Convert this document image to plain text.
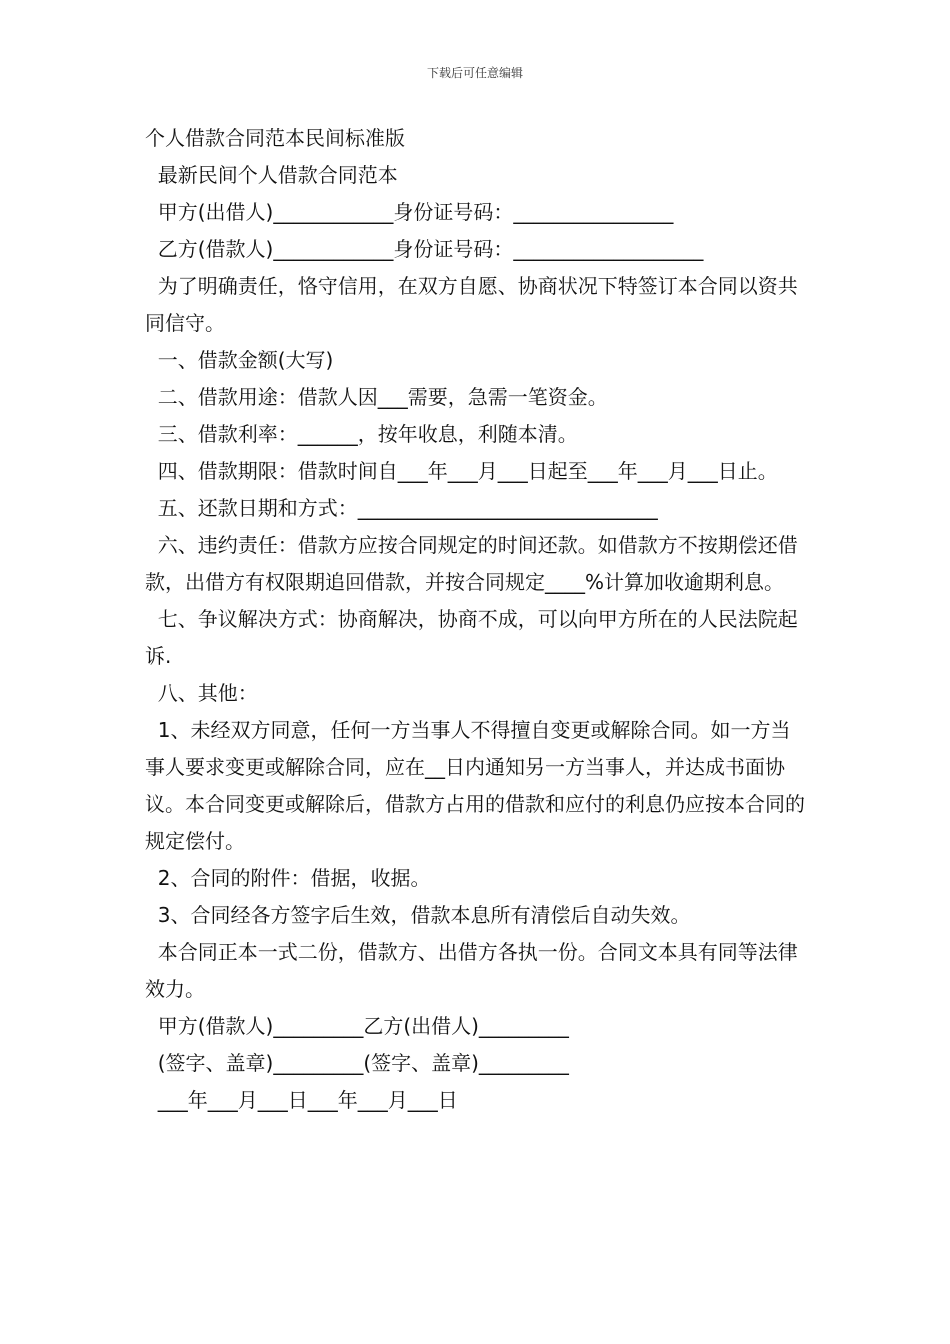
下载后可任意编辑

个人借款合同范本民间标准版

最新民间个人借款合同范本

甲方(出借人)____________身份证号码：________________

乙方(借款人)____________身份证号码：___________________

为了明确责任，恪守信用，在双方自愿、协商状况下特签订本合同以资共同信守。

一、借款金额(大写)

二、借款用途：借款人因___需要，急需一笔资金。

三、借款利率：______，按年收息，利随本清。

四、借款期限：借款时间自___年___月___日起至___年___月___日止。

五、还款日期和方式：______________________________

六、违约责任：借款方应按合同规定的时间还款。如借款方不按期偿还借款，出借方有权限期追回借款，并按合同规定____%计算加收逾期利息。

七、争议解决方式：协商解决，协商不成，可以向甲方所在的人民法院起诉.

八、其他：

1、未经双方同意，任何一方当事人不得擅自变更或解除合同。如一方当事人要求变更或解除合同，应在__日内通知另一方当事人，并达成书面协议。本合同变更或解除后，借款方占用的借款和应付的利息仍应按本合同的规定偿付。

2、合同的附件：借据，收据。

3、合同经各方签字后生效，借款本息所有清偿后自动失效。

本合同正本一式二份，借款方、出借方各执一份。合同文本具有同等法律效力。

甲方(借款人)_________乙方(出借人)_________

(签字、盖章)_________(签字、盖章)_________

___年___月___日___年___月___日
